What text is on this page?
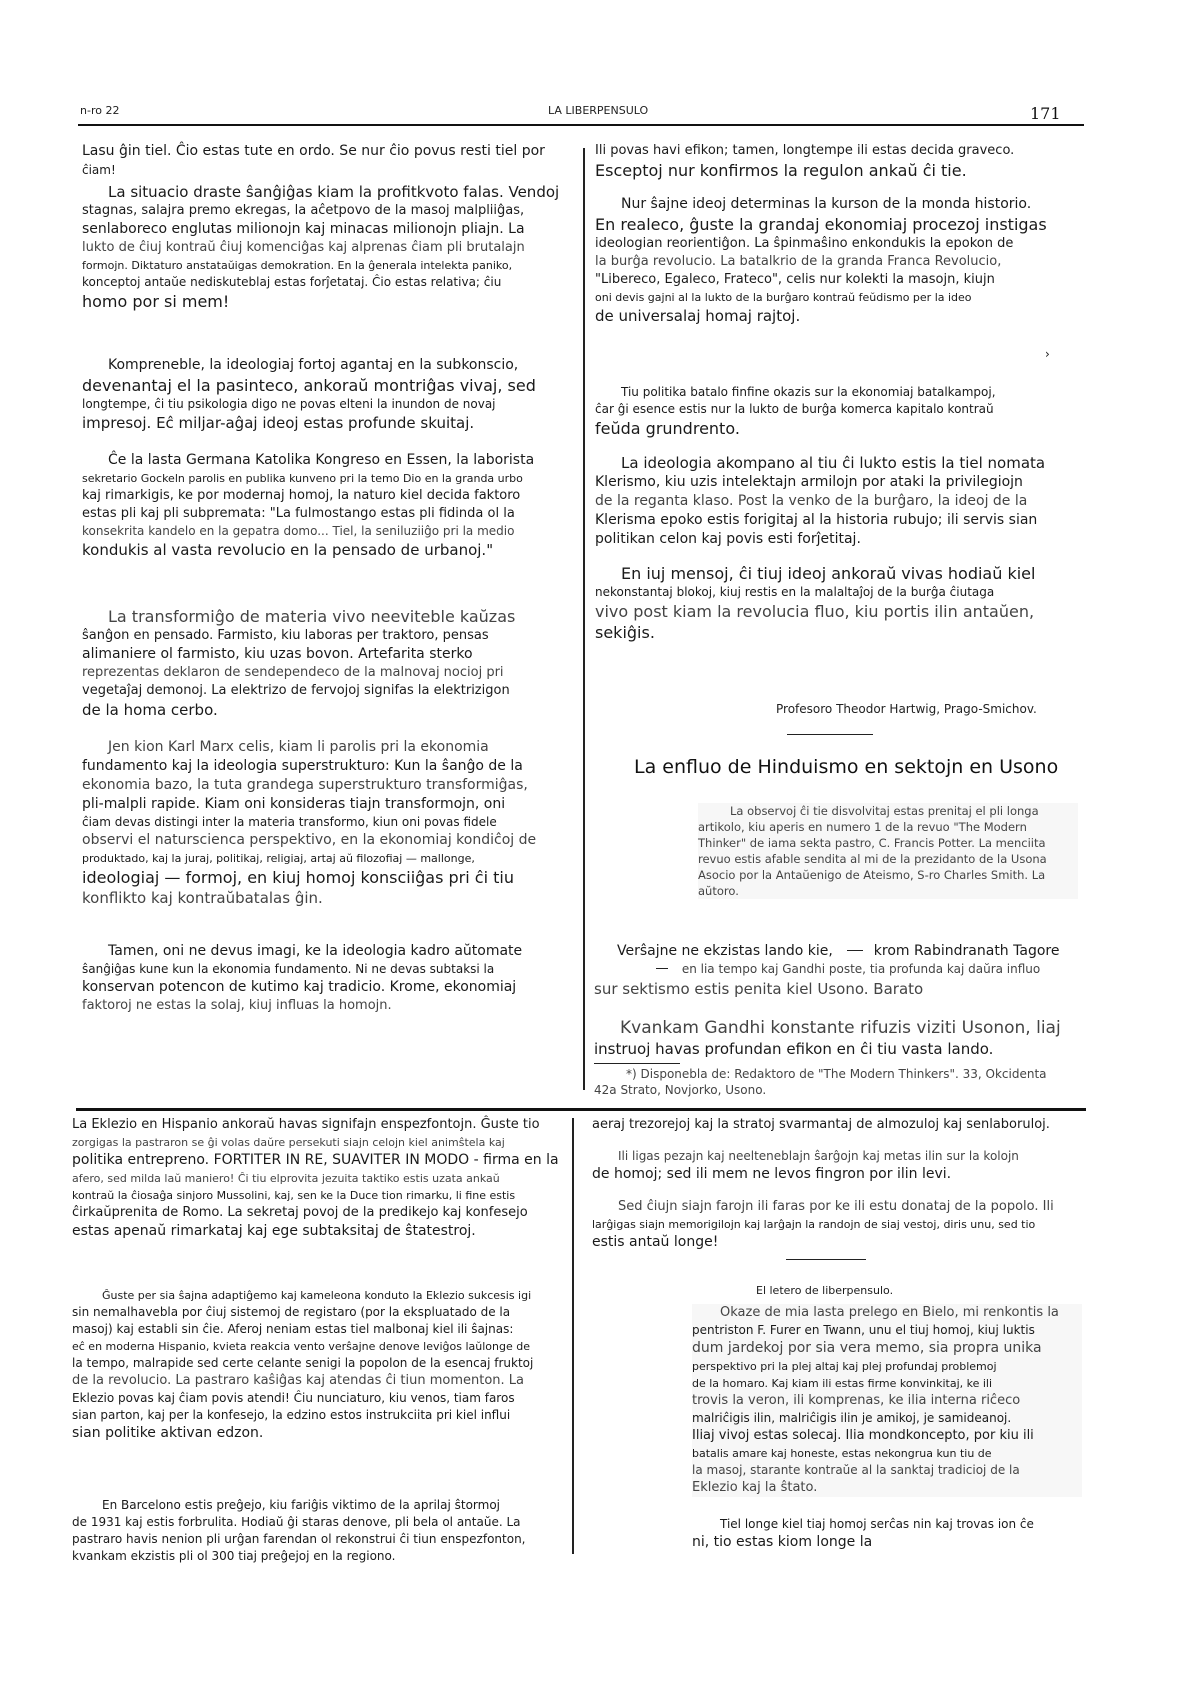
n-ro 22	LA LIBERPENSULO	171
Lasu ĝin tiel. Ĉio estas tute en ordo. Se nur ĉio povus resti tiel por
ĉiam!
La situacio draste ŝanĝiĝas kiam la profitkvoto falas. Vendoj
stagnas, salajra premo ekregas, la aĉetpovo de la masoj malpliiĝas,
senlaboreco englutas milionojn kaj minacas milionojn pliajn. La
lukto de ĉiuj kontraŭ ĉiuj komenciĝas kaj alprenas ĉiam pli brutalajn
formojn. Diktaturo anstataŭigas demokration. En la ĝenerala intelekta paniko,
konceptoj antaŭe nediskuteblaj estas forĵetataj. Ĉio estas relativa; ĉiu
homo por si mem!
Kompreneble, la ideologiaj fortoj agantaj en la subkonscio,
devenantaj el la pasinteco, ankoraŭ montriĝas vivaj, sed
longtempe, ĉi tiu psikologia digo ne povas elteni la inundon de novaj
impresoj. Eĉ miljar-aĝaj ideoj estas profunde skuitaj.
Ĉe la lasta Germana Katolika Kongreso en Essen, la laborista
sekretario Gockeln parolis en publika kunveno pri la temo Dio en la granda urbo
kaj rimarkigis, ke por modernaj homoj, la naturo kiel decida faktoro
estas pli kaj pli subpremata: "La fulmostango estas pli fidinda ol la
konsekrita kandelo en la gepatra domo... Tiel, la seniluziiĝo pri la medio
kondukis al vasta revolucio en la pensado de urbanoj."
La transformiĝo de materia vivo neeviteble kaŭzas
ŝanĝon en pensado. Farmisto, kiu laboras per traktoro, pensas
alimaniere ol farmisto, kiu uzas bovon. Artefarita sterko
reprezentas deklaron de sendependeco de la malnovaj nocioj pri
vegetaĵaj demonoj. La elektrizo de fervojoj signifas la elektrizigon
de la homa cerbo.
Jen kion Karl Marx celis, kiam li parolis pri la ekonomia
fundamento kaj la ideologia superstrukturo: Kun la ŝanĝo de la
ekonomia bazo, la tuta grandega superstrukturo transformiĝas,
pli-malpli rapide. Kiam oni konsideras tiajn transformojn, oni
ĉiam devas distingi inter la materia transformo, kiun oni povas fidele
observi el naturscienca perspektivo, en la ekonomiaj kondiĉoj de
produktado, kaj la juraj, politikaj, religiaj, artaj aŭ filozofiaj — mallonge,
ideologiaj — formoj, en kiuj homoj konsciiĝas pri ĉi tiu
konflikto kaj kontraŭbatalas ĝin.
Tamen, oni ne devus imagi, ke la ideologia kadro aŭtomate
ŝanĝiĝas kune kun la ekonomia fundamento. Ni ne devas subtaksi la
konservan potencon de kutimo kaj tradicio. Krome, ekonomiaj
faktoroj ne estas la solaj, kiuj influas la homojn.
Ili povas havi efikon; tamen, longtempe ili estas decida graveco.
Esceptoj nur konfirmos la regulon ankaŭ ĉi tie.
Nur ŝajne ideoj determinas la kurson de la monda historio.
En realeco, ĝuste la grandaj ekonomiaj procezoj instigas
ideologian reorientiĝon. La ŝpinmaŝino enkondukis la epokon de
la burĝa revolucio. La batalkrio de la granda Franca Revolucio,
"Libereco, Egaleco, Frateco", celis nur kolekti la masojn, kiujn
oni devis gajni al la lukto de la burĝaro kontraŭ feŭdismo per la ideo
de universalaj homaj rajtoj.
›
Tiu politika batalo finfine okazis sur la ekonomiaj batalkampoj,
ĉar ĝi esence estis nur la lukto de burĝa komerca kapitalo kontraŭ
feŭda grundrento.
La ideologia akompano al tiu ĉi lukto estis la tiel nomata
Klerismo, kiu uzis intelektajn armilojn por ataki la privilegiojn
de la reganta klaso. Post la venko de la burĝaro, la ideoj de la
Klerisma epoko estis forigitaj al la historia rubujo; ili servis sian
politikan celon kaj povis esti forĵetitaj.
En iuj mensoj, ĉi tiuj ideoj ankoraŭ vivas hodiaŭ kiel
nekonstantaj blokoj, kiuj restis en la malaltaĵoj de la burĝa ĉiutaga
vivo post kiam la revolucia fluo, kiu portis ilin antaŭen,
sekiĝis.
Profesoro Theodor Hartwig, Prago-Smichov.
La enfluo de Hinduismo en sektojn en Usono
La observoj ĉi tie disvolvitaj estas prenitaj el pli longa
artikolo, kiu aperis en numero 1 de la revuo "The Modern
Thinker" de iama sekta pastro, C. Francis Potter. La menciita
revuo estis afable sendita al mi de la prezidanto de la Usona
Asocio por la Antaŭenigo de Ateismo, S-ro Charles Smith. La
aŭtoro.
Verŝajne ne ekzistas lando kie,	krom Rabindranath Tagore
en lia tempo kaj Gandhi poste, tia profunda kaj daŭra influo
sur sektismo estis penita kiel Usono. Barato
Kvankam Gandhi konstante rifuzis viziti Usonon, liaj
instruoj havas profundan efikon en ĉi tiu vasta lando.
*) Disponebla de: Redaktoro de "The Modern Thinkers". 33, Okcidenta
42a Strato, Novjorko, Usono.
La Eklezio en Hispanio ankoraŭ havas signifajn enspezfontojn. Ĝuste tio
zorgigas la pastraron se ĝi volas daŭre persekuti siajn celojn kiel animŝtela kaj
politika entrepreno. FORTITER IN RE, SUAVITER IN MODO - firma en la
afero, sed milda laŭ maniero! Ĉi tiu elprovita jezuita taktiko estis uzata ankaŭ
kontraŭ la ĉiosaĝa sinjoro Mussolini, kaj, sen ke la Duce tion rimarku, li fine estis
ĉirkaŭprenita de Romo. La sekretaj povoj de la predikejo kaj konfesejo
estas apenaŭ rimarkataj kaj ege subtaksitaj de ŝtatestroj.
Ĝuste per sia ŝajna adaptiĝemo kaj kameleona konduto la Eklezio sukcesis igi
sin nemalhavebla por ĉiuj sistemoj de registaro (por la ekspluatado de la
masoj) kaj establi sin ĉie. Aferoj neniam estas tiel malbonaj kiel ili ŝajnas:
eĉ en moderna Hispanio, kvieta reakcia vento verŝajne denove leviĝos laŭlonge de
la tempo, malrapide sed certe celante senigi la popolon de la esencaj fruktoj
de la revolucio. La pastraro kaŝiĝas kaj atendas ĉi tiun momenton. La
Eklezio povas kaj ĉiam povis atendi! Ĉiu nunciaturo, kiu venos, tiam faros
sian parton, kaj per la konfesejo, la edzino estos instrukciita pri kiel influi
sian politike aktivan edzon.
En Barcelono estis preĝejo, kiu fariĝis viktimo de la aprilaj ŝtormoj
de 1931 kaj estis forbrulita. Hodiaŭ ĝi staras denove, pli bela ol antaŭe. La
pastraro havis nenion pli urĝan farendan ol rekonstrui ĉi tiun enspezfonton,
kvankam ekzistis pli ol 300 tiaj preĝejoj en la regiono.
aeraj trezorejoj kaj la stratoj svarmantaj de almozuloj kaj senlaboruloj.
Ili ligas pezajn kaj neelteneblajn ŝarĝojn kaj metas ilin sur la kolojn
de homoj; sed ili mem ne levos fingron por ilin levi.
Sed ĉiujn siajn farojn ili faras por ke ili estu donataj de la popolo. Ili
larĝigas siajn memorigilojn kaj larĝajn la randojn de siaj vestoj, diris unu, sed tio
estis antaŭ longe!
El letero de liberpensulo.
Okaze de mia lasta prelego en Bielo, mi renkontis la
pentriston F. Furer en Twann, unu el tiuj homoj, kiuj luktis
dum jardekoj por sia vera memo, sia propra unika
perspektivo pri la plej altaj kaj plej profundaj problemoj
de la homaro. Kaj kiam ili estas firme konvinkitaj, ke ili
trovis la veron, ili komprenas, ke ilia interna riĉeco
malriĉigis ilin, malriĉigis ilin je amikoj, je samideanoj.
Iliaj vivoj estas solecaj. Ilia mondkoncepto, por kiu ili
batalis amare kaj honeste, estas nekongrua kun tiu de
la masoj, starante kontraŭe al la sanktaj tradicioj de la
Eklezio kaj la ŝtato.
Tiel longe kiel tiaj homoj serĉas nin kaj trovas ion ĉe
ni, tio estas kiom longe la
